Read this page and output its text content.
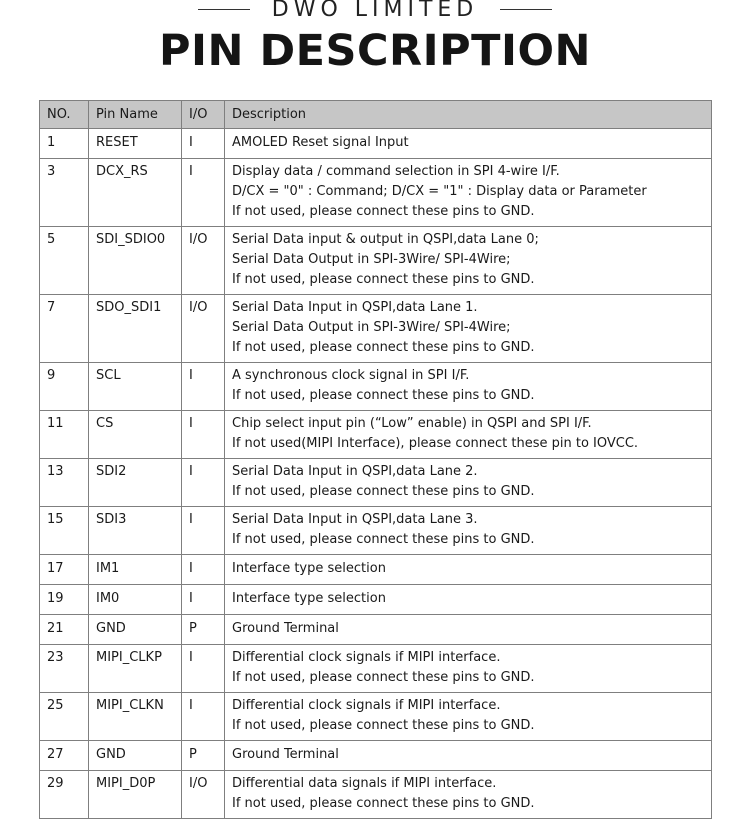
DWO LIMITED
PIN DESCRIPTION
NO.	Pin Name	I/O	Description
1	RESET	I	AMOLED Reset signal Input

3	DCX_RS	I	Display data / command selection in SPI 4-wire I/F.
D/CX = "0" : Command; D/CX = "1" : Display data or Parameter
If not used, please connect these pins to GND.

5	SDI_SDIO0	I/O	Serial Data input & output in QSPI,data Lane 0;
Serial Data Output in SPI-3Wire/ SPI-4Wire;
If not used, please connect these pins to GND.

7	SDO_SDI1	I/O	Serial Data Input in QSPI,data Lane 1.
Serial Data Output in SPI-3Wire/ SPI-4Wire;
If not used, please connect these pins to GND.

9	SCL	I	A synchronous clock signal in SPI I/F.
If not used, please connect these pins to GND.

11	CS	I	Chip select input pin (“Low” enable) in QSPI and SPI I/F.
If not used(MIPI Interface), please connect these pin to IOVCC.

13	SDI2	I	Serial Data Input in QSPI,data Lane 2.
If not used, please connect these pins to GND.

15	SDI3	I	Serial Data Input in QSPI,data Lane 3.
If not used, please connect these pins to GND.

17	IM1	I	Interface type selection

19	IM0	I	Interface type selection

21	GND	P	Ground Terminal

23	MIPI_CLKP	I	Differential clock signals if MIPI interface.
If not used, please connect these pins to GND.

25	MIPI_CLKN	I	Differential clock signals if MIPI interface.
If not used, please connect these pins to GND.

27	GND	P	Ground Terminal

29	MIPI_D0P	I/O	Differential data signals if MIPI interface.
If not used, please connect these pins to GND.
